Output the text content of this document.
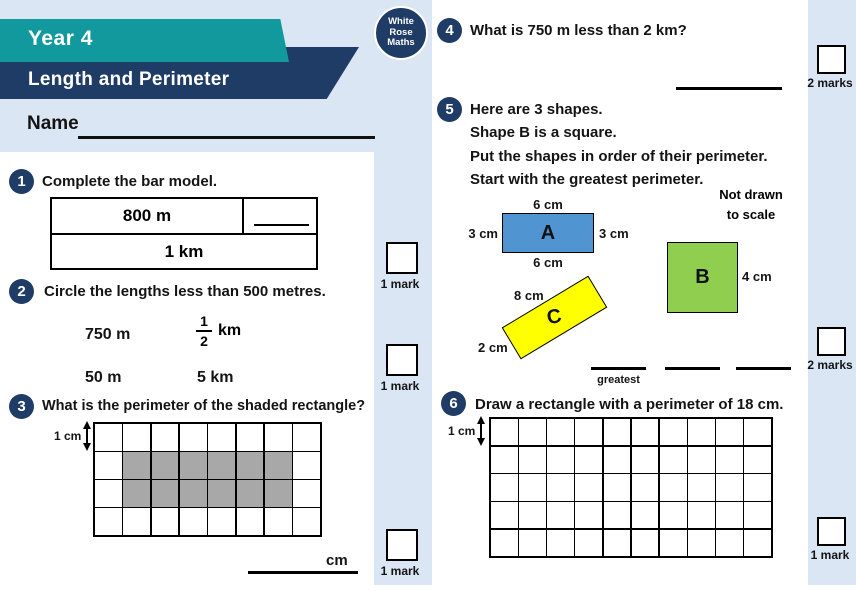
Year 4
Length and Perimeter
White
Rose
Maths
Name
1	Complete the bar model.
800 m
1 km
2	Circle the lengths less than 500 metres.
750 m	$\frac{1}{2}$ km
50 m	5 km
3	What is the perimeter of the shaded rectangle?
1 cm
cm
1 mark
1 mark
1 mark
4	What is 750 m less than 2 km?
5	Here are 3 shapes.
Shape B is a square.
Put the shapes in order of their perimeter.
Start with the greatest perimeter.
Not drawn
to scale
6 cm
3 cm	3 cm
6 cm
A
B 4 cm
8 cm
2 cm
C
greatest
6	Draw a rectangle with a perimeter of 18 cm.
1 cm
2 marks
2 marks
1 mark
